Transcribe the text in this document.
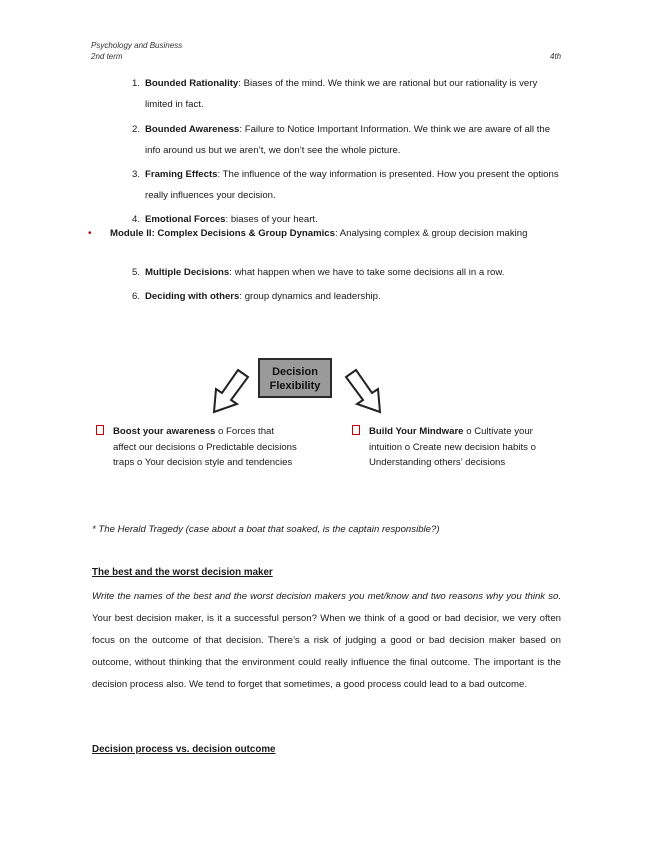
Psychology and Business
2nd term	4th
1. Bounded Rationality: Biases of the mind. We think we are rational but our rationality is very limited in fact.
2. Bounded Awareness: Failure to Notice Important Information. We think we are aware of all the info around us but we aren’t, we don’t see the whole picture.
3. Framing Effects: The influence of the way information is presented. How you present the options really influences your decision.
4. Emotional Forces: biases of your heart.
• Module II: Complex Decisions & Group Dynamics: Analysing complex & group decision making
5. Multiple Decisions: what happen when we have to take some decisions all in a row.
6. Deciding with others: group dynamics and leadership.
Decision
Flexibility
Boost your awareness o Forces that affect our decisions o Predictable decisions traps o Your decision style and tendencies
Build Your Mindware o Cultivate your intuition o Create new decision habits o Understanding others’ decisions
* The Herald Tragedy (case about a boat that soaked, is the captain responsible?)
The best and the worst decision maker
Write the names of the best and the worst decision makers you met/know and two reasons why you think so. Your best decision maker, is it a successful person? When we think of a good or bad decisior, we very often focus on the outcome of that decision. There’s a risk of judging a good or bad decision maker based on outcome, without thinking that the environment could really influence the final outcome. The important is the decision process also. We tend to forget that sometimes, a good process could lead to a bad outcome.
Decision process vs. decision outcome
